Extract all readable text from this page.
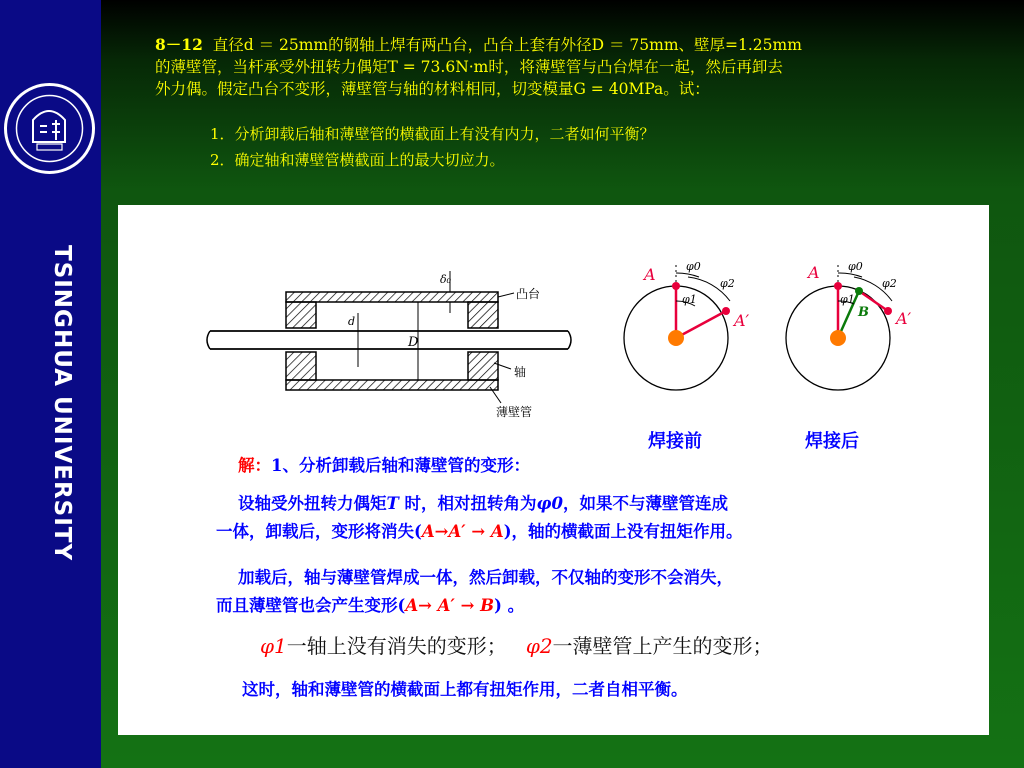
TSINGHUA UNIVERSITY

8－12 直径d ＝ 25mm的钢轴上焊有两凸台，凸台上套有外径D ＝ 75mm、壁厚=1.25mm

的薄壁管，当杆承受外扭转力偶矩T = 73.6N·m时，将薄壁管与凸台焊在一起，然后再卸去

外力偶。假定凸台不变形，薄壁管与轴的材料相同，切变模量G = 40MPa。试：

1．分析卸载后轴和薄壁管的横截面上有没有内力，二者如何平衡？
2．确定轴和薄壁管横截面上的最大切应力。
凸台
轴
薄壁管
D
d
δ₀	A
A′
φ0
φ2
φ1
A
A′
B
φ0
φ2
φ1
焊接前	焊接后
解：1、分析卸载后轴和薄壁管的变形：
设轴受外扭转力偶矩T 时，相对扭转角为φ0，如果不与薄壁管连成
一体，卸载后，变形将消失(A→A′ → A)，轴的横截面上没有扭矩作用。
加载后，轴与薄壁管焊成一体，然后卸载，不仅轴的变形不会消失，
而且薄壁管也会产生变形(A→ A′ → B) 。
φ1一轴上没有消失的变形； φ2一薄壁管上产生的变形；
这时，轴和薄壁管的横截面上都有扭矩作用，二者自相平衡。
